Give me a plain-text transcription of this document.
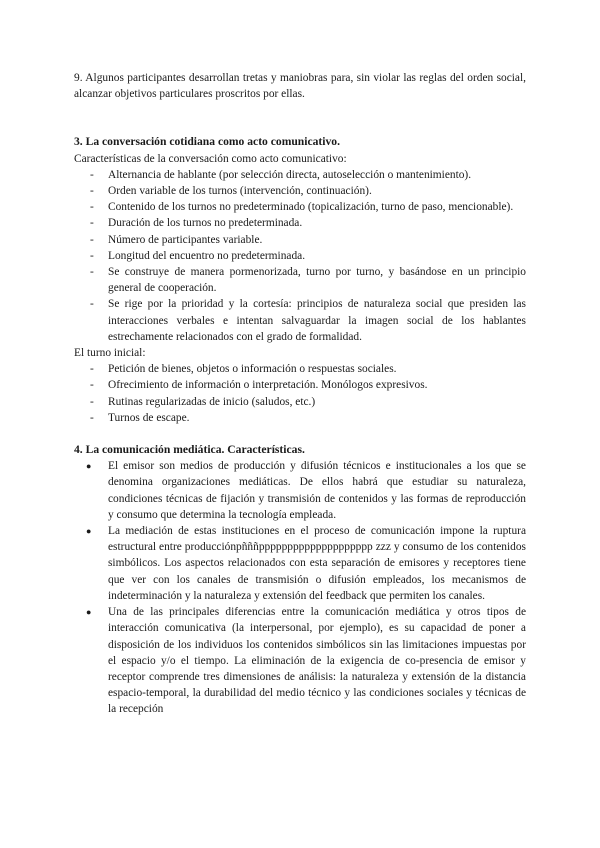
9. Algunos participantes desarrollan tretas y maniobras para, sin violar las reglas del orden social, alcanzar objetivos particulares proscritos por ellas.

3. La conversación cotidiana como acto comunicativo.

Características de la conversación como acto comunicativo:

- Alternancia de hablante (por selección directa, autoselección o mantenimiento).
- Orden variable de los turnos (intervención, continuación).
- Contenido de los turnos no predeterminado (topicalización, turno de paso, mencionable).
- Duración de los turnos no predeterminada.
- Número de participantes variable.
- Longitud del encuentro no predeterminada.
- Se construye de manera pormenorizada, turno por turno, y basándose en un principio general de cooperación.
- Se rige por la prioridad y la cortesía: principios de naturaleza social que presiden las interacciones verbales e intentan salvaguardar la imagen social de los hablantes estrechamente relacionados con el grado de formalidad.

El turno inicial:

- Petición de bienes, objetos o información o respuestas sociales.
- Ofrecimiento de información o interpretación. Monólogos expresivos.
- Rutinas regularizadas de inicio (saludos, etc.)
- Turnos de escape.
4. La comunicación mediática. Características.
● El emisor son medios de producción y difusión técnicos e institucionales a los que se denomina organizaciones mediáticas. De ellos habrá que estudiar su naturaleza, condiciones técnicas de fijación y transmisión de contenidos y las formas de reproducción y consumo que determina la tecnología empleada.
● La mediación de estas instituciones en el proceso de comunicación impone la ruptura estructural entre producciónpñññpppppppppppppppppppp zzz y consumo de los contenidos simbólicos. Los aspectos relacionados con esta separación de emisores y receptores tiene que ver con los canales de transmisión o difusión empleados, los mecanismos de indeterminación y la naturaleza y extensión del feedback que permiten los canales.
● Una de las principales diferencias entre la comunicación mediática y otros tipos de interacción comunicativa (la interpersonal, por ejemplo), es su capacidad de poner a disposición de los individuos los contenidos simbólicos sin las limitaciones impuestas por el espacio y/o el tiempo. La eliminación de la exigencia de co-presencia de emisor y receptor comprende tres dimensiones de análisis: la naturaleza y extensión de la distancia espacio-temporal, la durabilidad del medio técnico y las condiciones sociales y técnicas de la recepción
